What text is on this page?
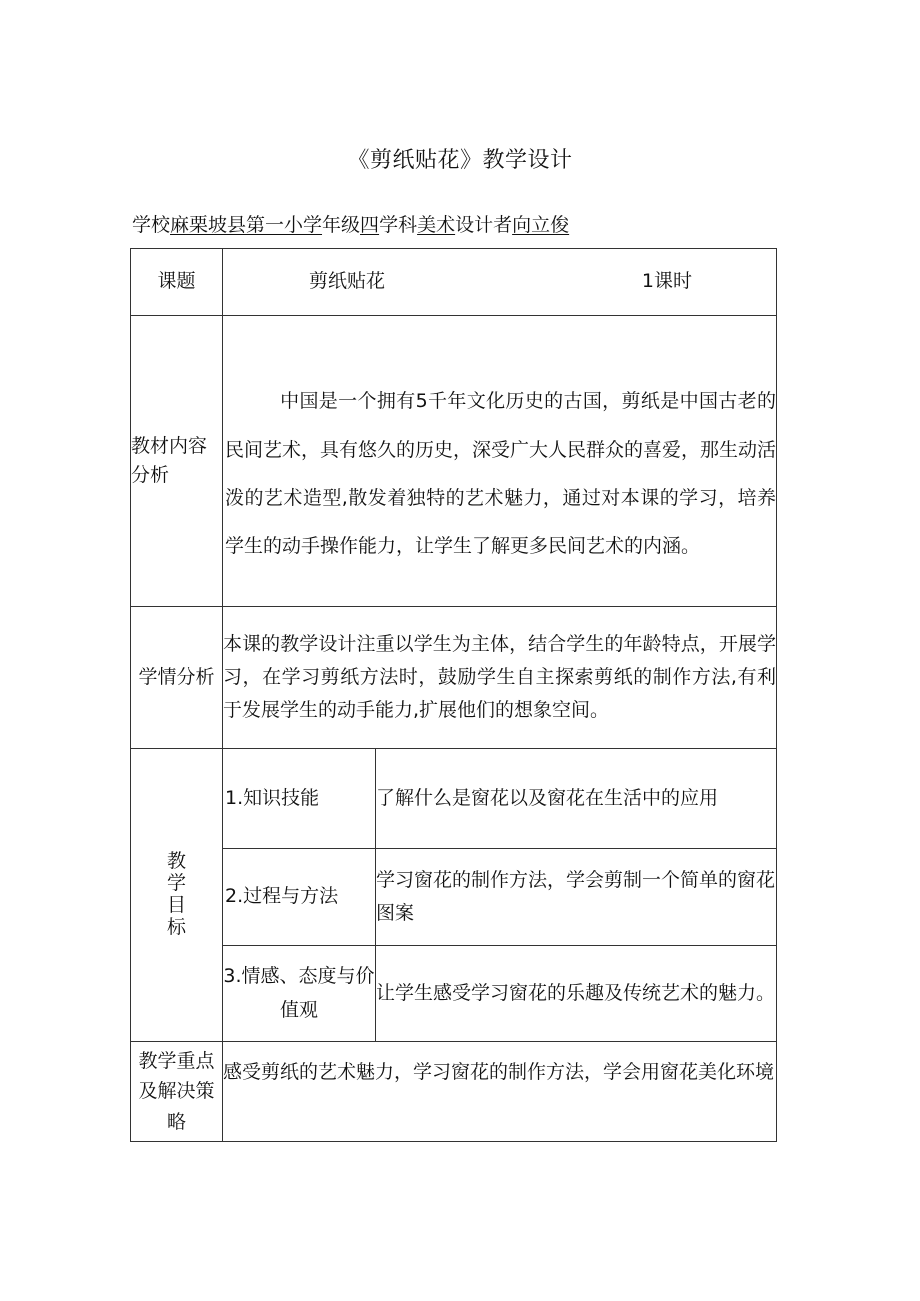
《剪纸贴花》教学设计
学校麻栗坡县第一小学年级四学科美术设计者向立俊
课题	剪纸贴花 1课时	

教材内容分析	中国是一个拥有5千年文化历史的古国，剪纸是中国古老的民间艺术，具有悠久的历史，深受广大人民群众的喜爱，那生动活泼的艺术造型,散发着独特的艺术魅力，通过对本课的学习，培养学生的动手操作能力，让学生了解更多民间艺术的内涵。	

学情分析	本课的教学设计注重以学生为主体，结合学生的年龄特点，开展学习，在学习剪纸方法时，鼓励学生自主探索剪纸的制作方法,有利于发展学生的动手能力,扩展他们的想象空间。	

教学目标	1.知识技能	了解什么是窗花以及窗花在生活中的应用
	2.过程与方法	学习窗花的制作方法，学会剪制一个简单的窗花图案
	3.情感、态度与价值观	让学生感受学习窗花的乐趣及传统艺术的魅力。
教学重点及解决策略	感受剪纸的艺术魅力，学习窗花的制作方法，学会用窗花美化环境	
